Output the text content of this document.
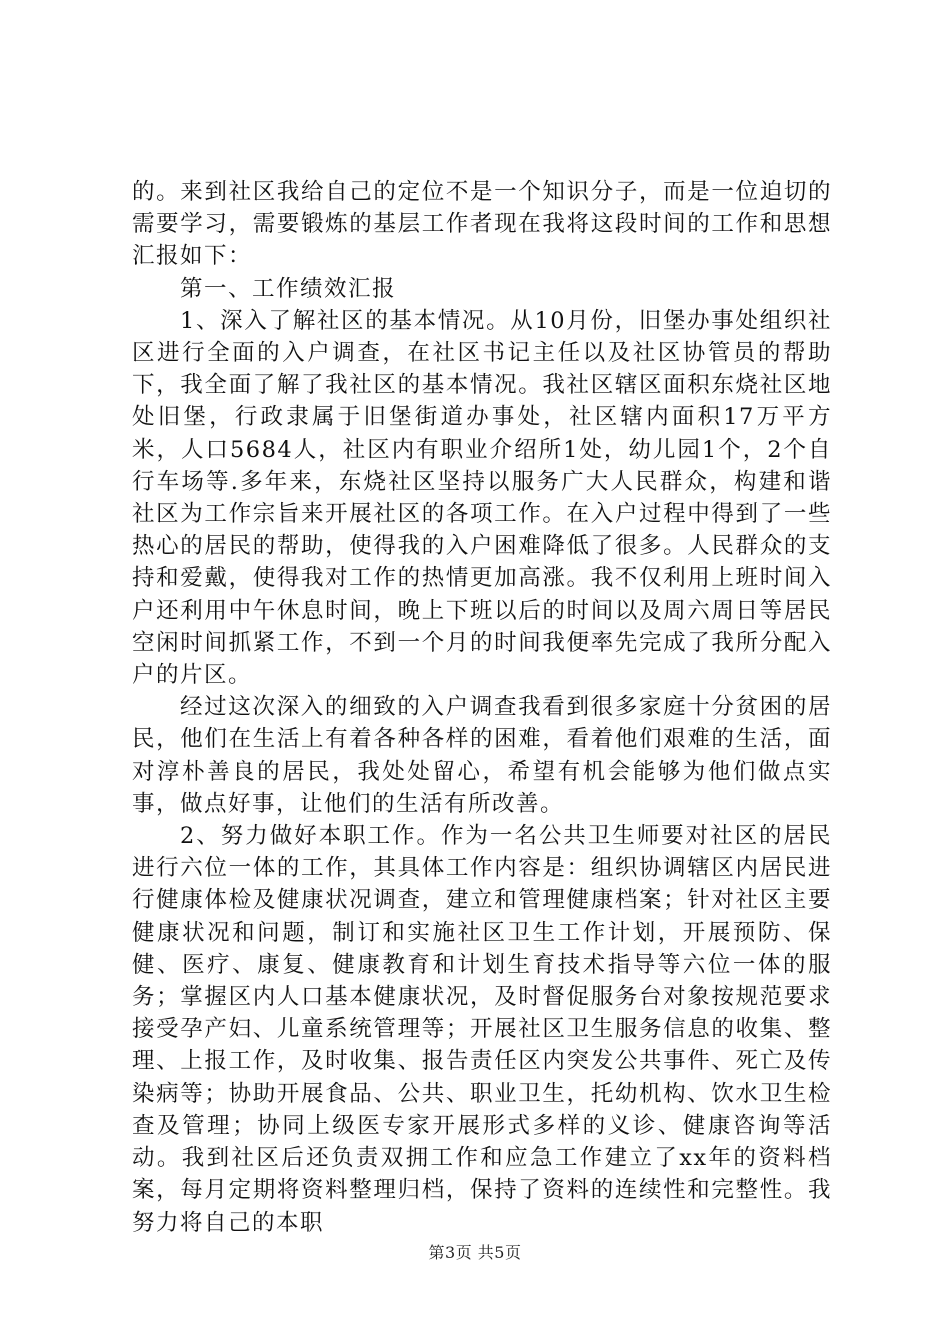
的。来到社区我给自己的定位不是一个知识分子，而是一位迫切的需要学习，需要锻炼的基层工作者现在我将这段时间的工作和思想汇报如下：

第一、工作绩效汇报

1、深入了解社区的基本情况。从10月份，旧堡办事处组织社区进行全面的入户调查，在社区书记主任以及社区协管员的帮助下，我全面了解了我社区的基本情况。我社区辖区面积东烧社区地处旧堡，行政隶属于旧堡街道办事处，社区辖内面积17万平方米，人口5684人，社区内有职业介绍所1处，幼儿园1个，2个自行车场等.多年来，东烧社区坚持以服务广大人民群众，构建和谐社区为工作宗旨来开展社区的各项工作。在入户过程中得到了一些热心的居民的帮助，使得我的入户困难降低了很多。人民群众的支持和爱戴，使得我对工作的热情更加高涨。我不仅利用上班时间入户还利用中午休息时间，晚上下班以后的时间以及周六周日等居民空闲时间抓紧工作，不到一个月的时间我便率先完成了我所分配入户的片区。

经过这次深入的细致的入户调查我看到很多家庭十分贫困的居民，他们在生活上有着各种各样的困难，看着他们艰难的生活，面对淳朴善良的居民，我处处留心，希望有机会能够为他们做点实事，做点好事，让他们的生活有所改善。

2、努力做好本职工作。作为一名公共卫生师要对社区的居民进行六位一体的工作，其具体工作内容是：组织协调辖区内居民进行健康体检及健康状况调查，建立和管理健康档案；针对社区主要健康状况和问题，制订和实施社区卫生工作计划，开展预防、保健、医疗、康复、健康教育和计划生育技术指导等六位一体的服务；掌握区内人口基本健康状况，及时督促服务台对象按规范要求接受孕产妇、儿童系统管理等；开展社区卫生服务信息的收集、整理、上报工作，及时收集、报告责任区内突发公共事件、死亡及传染病等；协助开展食品、公共、职业卫生，托幼机构、饮水卫生检查及管理；协同上级医专家开展形式多样的义诊、健康咨询等活动。我到社区后还负责双拥工作和应急工作建立了xx年的资料档案，每月定期将资料整理归档，保持了资料的连续性和完整性。我努力将自己的本职

第3页 共5页
